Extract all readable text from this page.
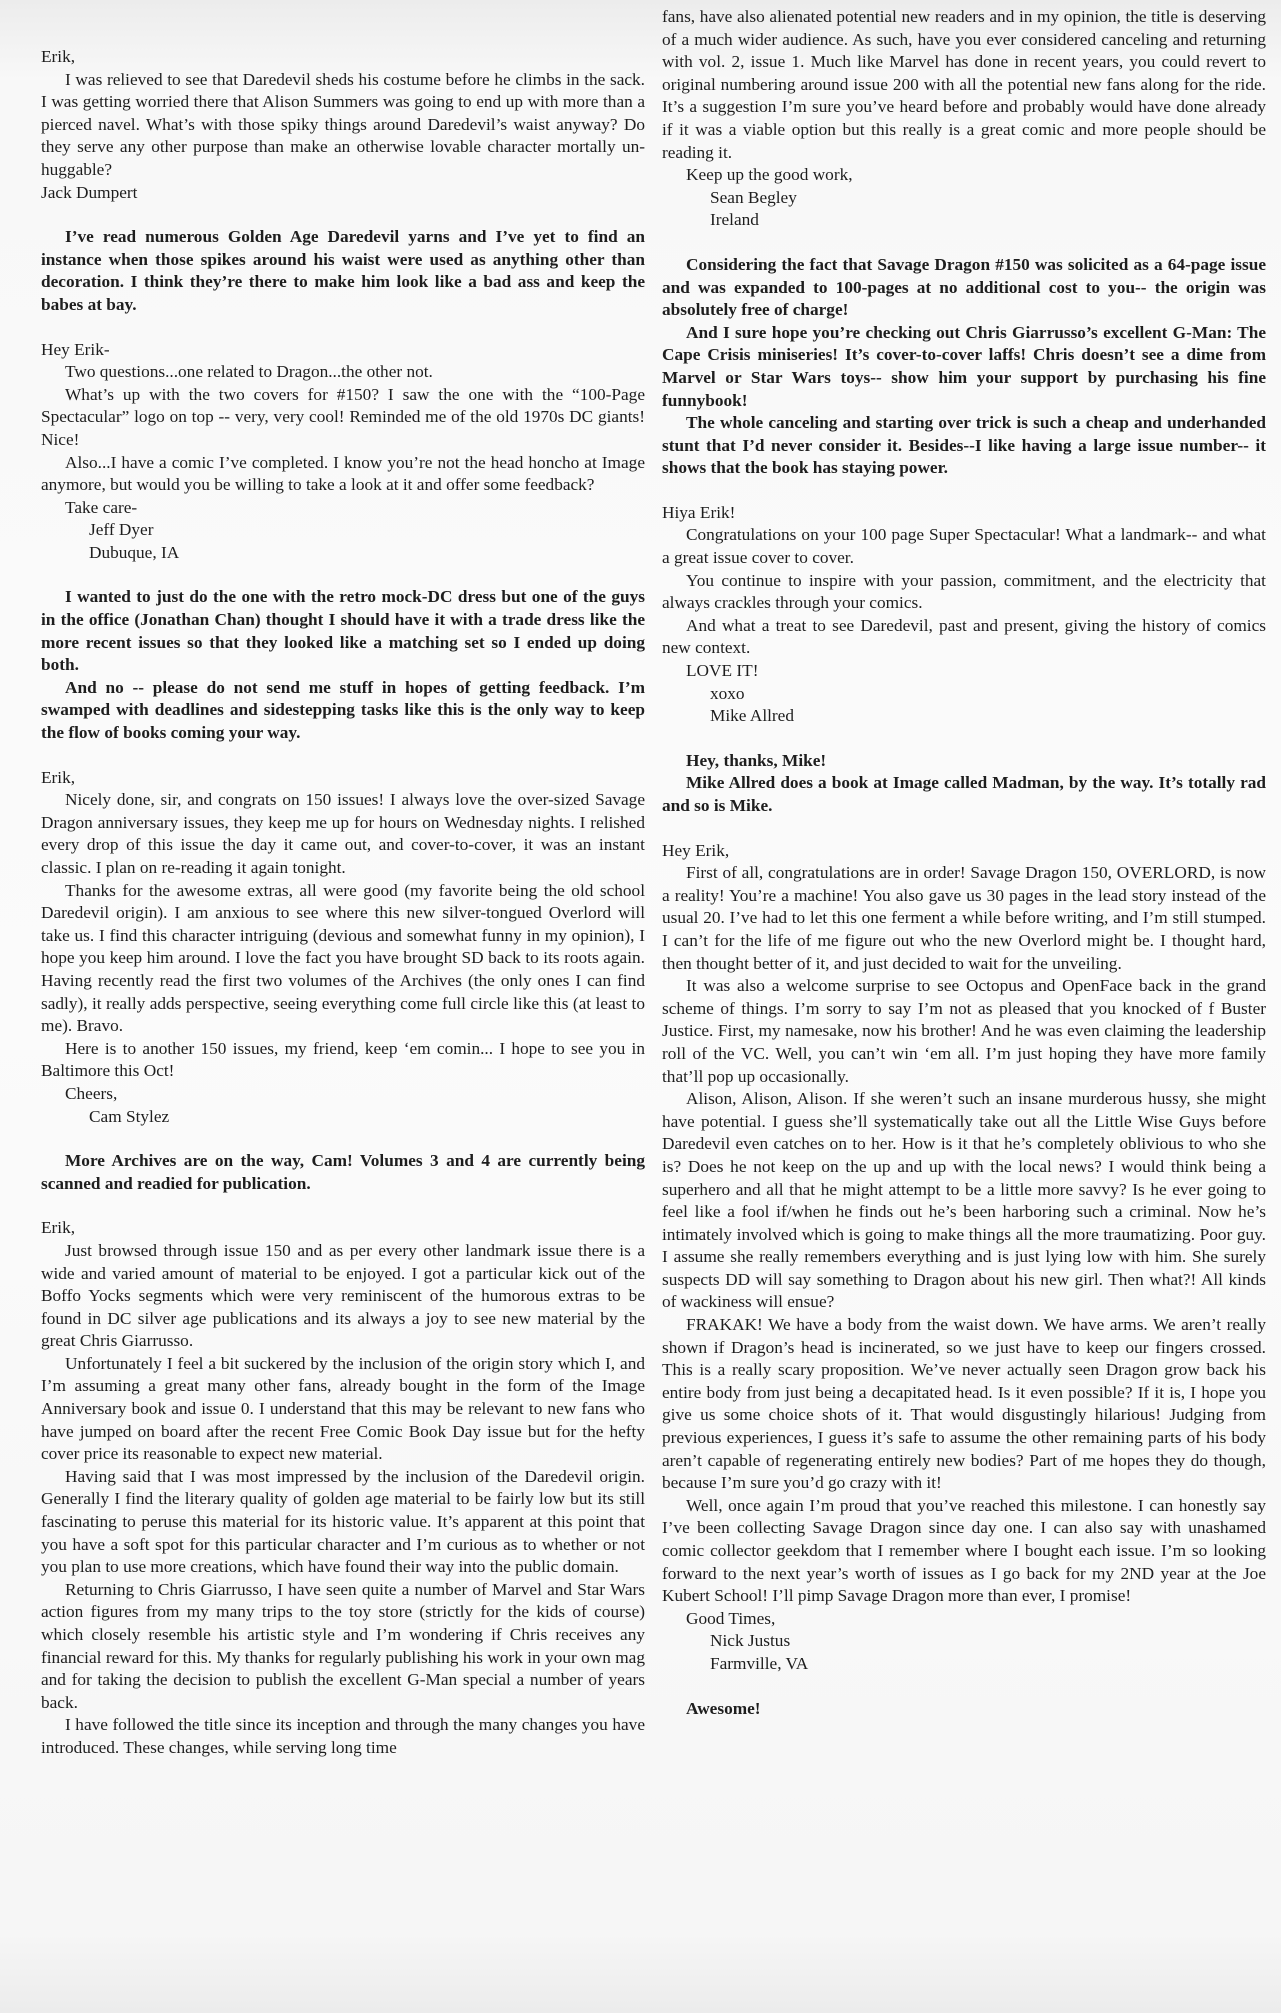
Erik,

I was relieved to see that Daredevil sheds his costume before he climbs in the sack. I was getting worried there that Alison Summers was going to end up with more than a pierced navel. What’s with those spiky things around Daredevil’s waist anyway? Do they serve any other purpose than make an otherwise lovable character mortally un-huggable?

Jack Dumpert

I’ve read numerous Golden Age Daredevil yarns and I’ve yet to find an instance when those spikes around his waist were used as anything other than decoration. I think they’re there to make him look like a bad ass and keep the babes at bay.

Hey Erik-

Two questions...one related to Dragon...the other not.

What’s up with the two covers for #150? I saw the one with the “100-Page Spectacular” logo on top -- very, very cool! Reminded me of the old 1970s DC giants! Nice!

Also...I have a comic I’ve completed. I know you’re not the head honcho at Image anymore, but would you be willing to take a look at it and offer some feedback?

Take care-

Jeff Dyer

Dubuque, IA

I wanted to just do the one with the retro mock-DC dress but one of the guys in the office (Jonathan Chan) thought I should have it with a trade dress like the more recent issues so that they looked like a matching set so I ended up doing both.

And no -- please do not send me stuff in hopes of getting feedback. I’m swamped with deadlines and sidestepping tasks like this is the only way to keep the flow of books coming your way.

Erik,

Nicely done, sir, and congrats on 150 issues! I always love the over-sized Savage Dragon anniversary issues, they keep me up for hours on Wednesday nights. I relished every drop of this issue the day it came out, and cover-to-cover, it was an instant classic. I plan on re-reading it again tonight.

Thanks for the awesome extras, all were good (my favorite being the old school Daredevil origin). I am anxious to see where this new silver-tongued Overlord will take us. I find this character intriguing (devious and somewhat funny in my opinion), I hope you keep him around. I love the fact you have brought SD back to its roots again. Having recently read the first two volumes of the Archives (the only ones I can find sadly), it really adds perspective, seeing everything come full circle like this (at least to me). Bravo.

Here is to another 150 issues, my friend, keep ‘em comin... I hope to see you in Baltimore this Oct!

Cheers,

Cam Stylez

More Archives are on the way, Cam! Volumes 3 and 4 are currently being scanned and readied for publication.

Erik,

Just browsed through issue 150 and as per every other landmark issue there is a wide and varied amount of material to be enjoyed. I got a particular kick out of the Boffo Yocks segments which were very reminiscent of the humorous extras to be found in DC silver age publications and its always a joy to see new material by the great Chris Giarrusso.

Unfortunately I feel a bit suckered by the inclusion of the origin story which I, and I’m assuming a great many other fans, already bought in the form of the Image Anniversary book and issue 0. I understand that this may be relevant to new fans who have jumped on board after the recent Free Comic Book Day issue but for the hefty cover price its reasonable to expect new material.

Having said that I was most impressed by the inclusion of the Daredevil origin. Generally I find the literary quality of golden age material to be fairly low but its still fascinating to peruse this material for its historic value. It’s apparent at this point that you have a soft spot for this particular character and I’m curious as to whether or not you plan to use more creations, which have found their way into the public domain.

Returning to Chris Giarrusso, I have seen quite a number of Marvel and Star Wars action figures from my many trips to the toy store (strictly for the kids of course) which closely resemble his artistic style and I’m wondering if Chris receives any financial reward for this. My thanks for regularly publishing his work in your own mag and for taking the decision to publish the excellent G-Man special a number of years back.

I have followed the title since its inception and through the many changes you have introduced. These changes, while serving long time

fans, have also alienated potential new readers and in my opinion, the title is deserving of a much wider audience. As such, have you ever considered canceling and returning with vol. 2, issue 1. Much like Marvel has done in recent years, you could revert to original numbering around issue 200 with all the potential new fans along for the ride. It’s a suggestion I’m sure you’ve heard before and probably would have done already if it was a viable option but this really is a great comic and more people should be reading it.

Keep up the good work,

Sean Begley

Ireland

Considering the fact that Savage Dragon #150 was solicited as a 64-page issue and was expanded to 100-pages at no additional cost to you-- the origin was absolutely free of charge!

And I sure hope you’re checking out Chris Giarrusso’s excellent G-Man: The Cape Crisis miniseries! It’s cover-to-cover laffs! Chris doesn’t see a dime from Marvel or Star Wars toys-- show him your support by purchasing his fine funnybook!

The whole canceling and starting over trick is such a cheap and underhanded stunt that I’d never consider it. Besides--I like having a large issue number-- it shows that the book has staying power.

Hiya Erik!

Congratulations on your 100 page Super Spectacular! What a landmark-- and what a great issue cover to cover.

You continue to inspire with your passion, commitment, and the electricity that always crackles through your comics.

And what a treat to see Daredevil, past and present, giving the history of comics new context.

LOVE IT!

xoxo

Mike Allred

Hey, thanks, Mike!

Mike Allred does a book at Image called Madman, by the way. It’s totally rad and so is Mike.

Hey Erik,

First of all, congratulations are in order! Savage Dragon 150, OVERLORD, is now a reality! You’re a machine! You also gave us 30 pages in the lead story instead of the usual 20. I’ve had to let this one ferment a while before writing, and I’m still stumped. I can’t for the life of me figure out who the new Overlord might be. I thought hard, then thought better of it, and just decided to wait for the unveiling.

It was also a welcome surprise to see Octopus and OpenFace back in the grand scheme of things. I’m sorry to say I’m not as pleased that you knocked of f Buster Justice. First, my namesake, now his brother! And he was even claiming the leadership roll of the VC. Well, you can’t win ‘em all. I’m just hoping they have more family that’ll pop up occasionally.

Alison, Alison, Alison. If she weren’t such an insane murderous hussy, she might have potential. I guess she’ll systematically take out all the Little Wise Guys before Daredevil even catches on to her. How is it that he’s completely oblivious to who she is? Does he not keep on the up and up with the local news? I would think being a superhero and all that he might attempt to be a little more savvy? Is he ever going to feel like a fool if/when he finds out he’s been harboring such a criminal. Now he’s intimately involved which is going to make things all the more traumatizing. Poor guy. I assume she really remembers everything and is just lying low with him. She surely suspects DD will say something to Dragon about his new girl. Then what?! All kinds of wackiness will ensue?

FRAKAK! We have a body from the waist down. We have arms. We aren’t really shown if Dragon’s head is incinerated, so we just have to keep our fingers crossed. This is a really scary proposition. We’ve never actually seen Dragon grow back his entire body from just being a decapitated head. Is it even possible? If it is, I hope you give us some choice shots of it. That would disgustingly hilarious! Judging from previous experiences, I guess it’s safe to assume the other remaining parts of his body aren’t capable of regenerating entirely new bodies? Part of me hopes they do though, because I’m sure you’d go crazy with it!

Well, once again I’m proud that you’ve reached this milestone. I can honestly say I’ve been collecting Savage Dragon since day one. I can also say with unashamed comic collector geekdom that I remember where I bought each issue. I’m so looking forward to the next year’s worth of issues as I go back for my 2ND year at the Joe Kubert School! I’ll pimp Savage Dragon more than ever, I promise!

Good Times,

Nick Justus

Farmville, VA

Awesome!
